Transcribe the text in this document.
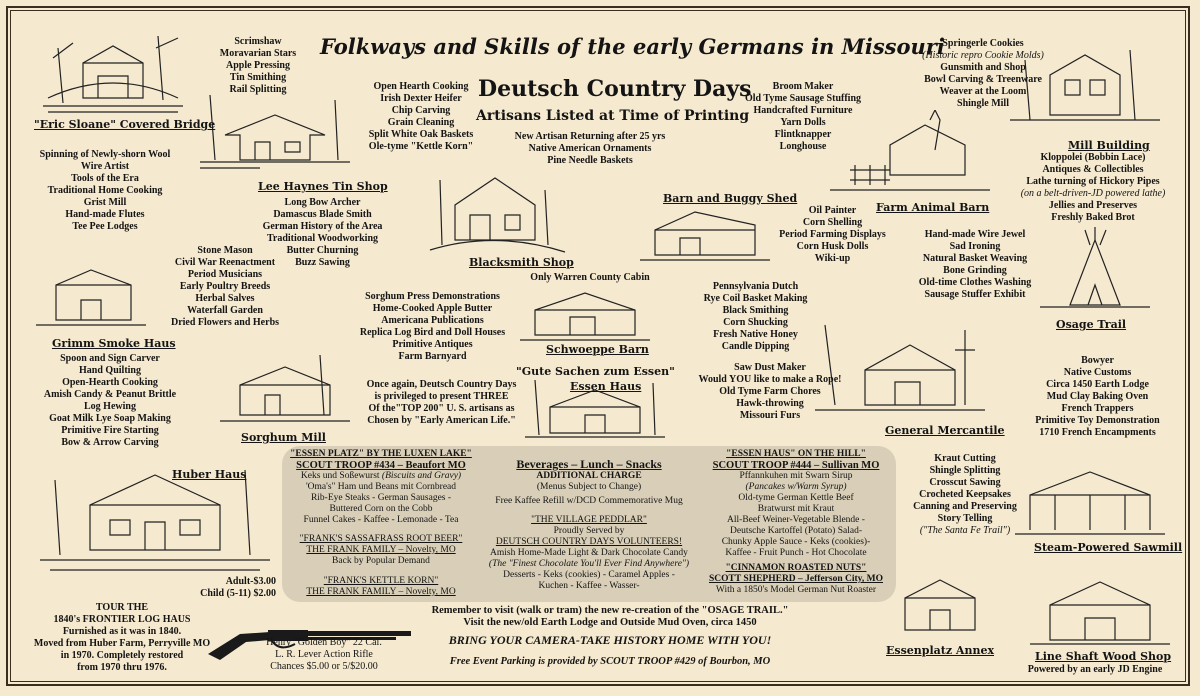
Folkways and Skills of the early Germans in Missouri
Deutsch Country Days
Artisans Listed at Time of Printing
"Eric Sloane" Covered Bridge
Lee Haynes Tin Shop
Blacksmith Shop
Barn and Buggy Shed
Farm Animal Barn
Mill Building
Grimm Smoke Haus	Schwoeppe Barn
Osage Trail
"Gute Sachen zum Essen"
Essen Haus
Sorghum Mill
General Mercantile
Huber Haus
Steam-Powered Sawmill
Essenplatz Annex	Line Shaft Wood Shop
Scrimshaw
Moravarian Stars
Apple Pressing
Tin Smithing
Rail Splitting
Spinning of Newly-shorn Wool
Wire Artist
Tools of the Era
Traditional Home Cooking
Grist Mill
Hand-made Flutes
Tee Pee Lodges
Open Hearth Cooking
Irish Dexter Heifer
Chip Carving
Grain Cleaning
Split White Oak Baskets
Ole-tyme "Kettle Korn"
New Artisan Returning after 25 yrs
Native American Ornaments
Pine Needle Baskets
Broom Maker
Old Tyme Sausage Stuffing
Handcrafted Furniture
Yarn Dolls
Flintknapper
Longhouse
Springerle Cookies
(Historic repro Cookie Molds)
Gunsmith and Shop
Bowl Carving & Treenware
Weaver at the Loom
Shingle Mill
Kloppolei (Bobbin Lace)
Antiques & Collectibles
Lathe turning of Hickory Pipes
(on a belt-driven-JD powered lathe)
Jellies and Preserves
Freshly Baked Brot
Long Bow Archer
Damascus Blade Smith
German History of the Area
Traditional Woodworking
Butter Churning
Buzz Sawing
Oil Painter
Corn Shelling
Period Farming Displays
Corn Husk Dolls
Wiki-up
Hand-made Wire Jewel
Sad Ironing
Natural Basket Weaving
Bone Grinding
Old-time Clothes Washing
Sausage Stuffer Exhibit
Stone Mason
Civil War Reenactment
Period Musicians
Early Poultry Breeds
Herbal Salves
Waterfall Garden
Dried Flowers and Herbs
Only Warren County Cabin
Sorghum Press Demonstrations
Home-Cooked Apple Butter
Americana Publications
Replica Log Bird and Doll Houses
Primitive Antiques
Farm Barnyard
Pennsylvania Dutch
Rye Coil Basket Making
Black Smithing
Corn Shucking
Fresh Native Honey
Candle Dipping
Spoon and Sign Carver
Hand Quilting
Open-Hearth Cooking
Amish Candy & Peanut Brittle
Log Hewing
Goat Milk Lye Soap Making
Primitive Fire Starting
Bow & Arrow Carving
Once again, Deutsch Country Days
is privileged to present THREE
Of the"TOP 200" U. S. artisans as
Chosen by "Early American Life."
Saw Dust Maker
Would YOU like to make a Rope!
Old Tyme Farm Chores
Hawk-throwing
Missouri Furs
Bowyer
Native Customs
Circa 1450 Earth Lodge
Mud Clay Baking Oven
French Trappers
Primitive Toy Demonstration
1710 French Encampments
Kraut Cutting
Shingle Splitting
Crosscut Sawing
Crocheted Keepsakes
Canning and Preserving
Story Telling
("The Santa Fe Trail")
Powered by an early JD Engine
"ESSEN PLATZ" BY THE LUXEN LAKE"
SCOUT TROOP #434 – Beaufort MO
Keks und Soßewurst (Biscuits and Gravy)
'Oma's" Ham und Beans mit Cornbread
Rib-Eye Steaks - German Sausages -
Buttered Corn on the Cobb
Funnel Cakes - Kaffee - Lemonade - Tea
"FRANK'S SASSAFRASS ROOT BEER"
THE FRANK FAMILY – Novelty, MO
Back by Popular Demand
"FRANK'S KETTLE KORN"
THE FRANK FAMILY – Novelty, MO
Beverages – Lunch – Snacks
ADDITIONAL CHARGE
(Menus Subject to Change)
Free Kaffee Refill w/DCD Commemorative Mug
"THE VILLAGE PEDDLAR"
Proudly Served by
DEUTSCH COUNTRY DAYS VOLUNTEERS!
Amish Home-Made Light & Dark Chocolate Candy
(The "Finest Chocolate You'll Ever Find Anywhere")
Desserts - Keks (cookies) - Caramel Apples -
Kuchen - Kaffee - Wasser-
"ESSEN HAUS" ON THE HILL"
SCOUT TROOP #444 – Sullivan MO
Pffannkuhen mit Swarn Sirup
(Pancakes w/Warm Syrup)
Old-tyme German Kettle Beef
Bratwurst mit Kraut
All-Beef Weiner-Vegetable Blende -
Deutsche Kartoffel (Potato) Salad-
Chunky Apple Sauce - Keks (cookies)-
Kaffee - Fruit Punch - Hot Chocolate
"CINNAMON ROASTED NUTS"
SCOTT SHEPHERD – Jefferson City, MO
With a 1850's Model German Nut Roaster
Adult-$3.00
Child (5-11) $2.00
TOUR THE
1840's FRONTIER LOG HAUS
Furnished as it was in 1840.
Moved from Huber Farm, Perryville MO
in 1970. Completely restored
from 1970 thru 1976.
Henry "Golden Boy" 22 Cal.
L. R. Lever Action Rifle
Chances $5.00 or 5/$20.00
Remember to visit (walk or tram) the new re-creation of the "OSAGE TRAIL."
Visit the new/old Earth Lodge and Outside Mud Oven, circa 1450
BRING YOUR CAMERA-TAKE HISTORY HOME WITH YOU!
Free Event Parking is provided by SCOUT TROOP #429 of Bourbon, MO
